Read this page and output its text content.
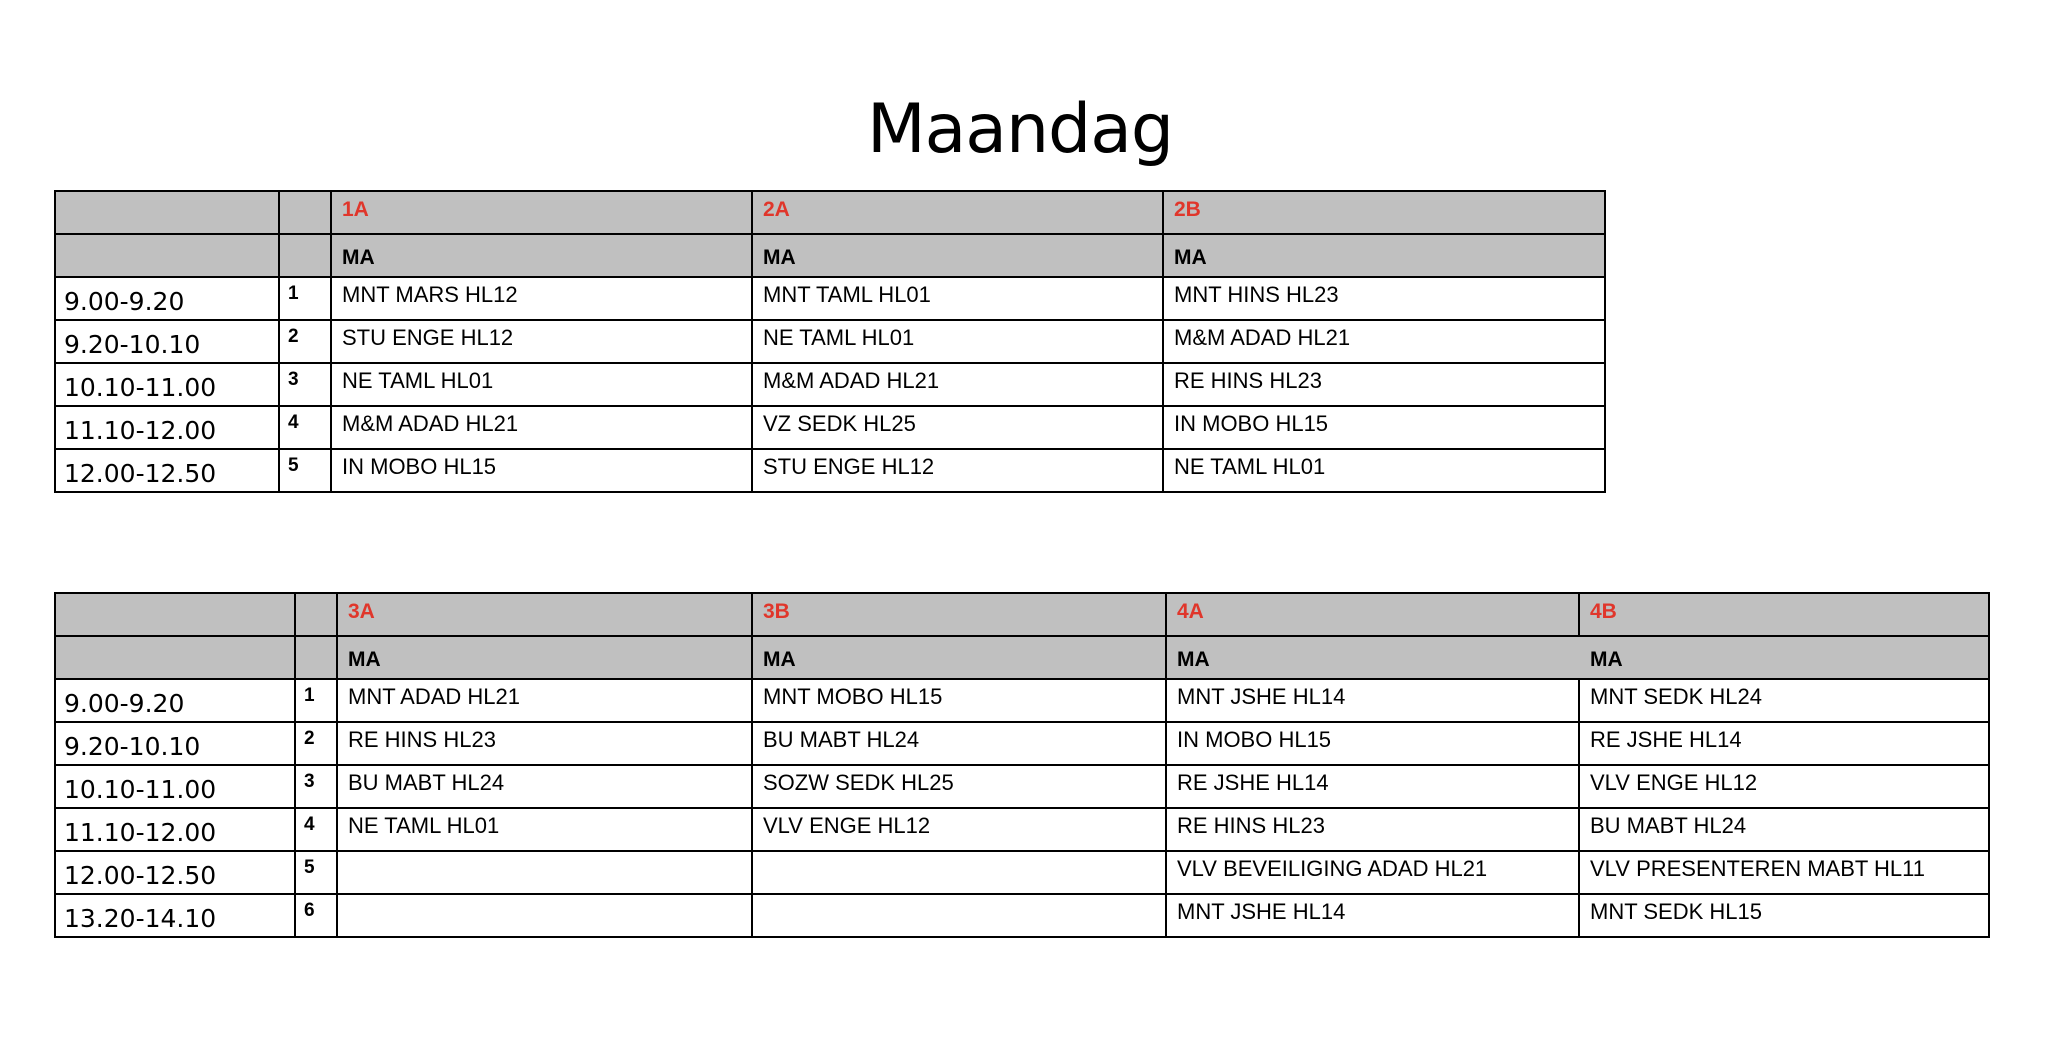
Maandag

		1A	2A	2B

		MA	MA	MA

9.00-9.20	1	MNT MARS HL12	MNT TAML HL01	MNT HINS HL23

9.20-10.10	2	STU ENGE HL12	NE TAML HL01	M&M ADAD HL21

10.10-11.00	3	NE TAML HL01	M&M ADAD HL21	RE HINS HL23

11.10-12.00	4	M&M ADAD HL21	VZ SEDK HL25	IN MOBO HL15

12.00-12.50	5	IN MOBO HL15	STU ENGE HL12	NE TAML HL01

		3A	3B	4A	4B

		MA	MA	MA	MA

9.00-9.20	1	MNT ADAD HL21	MNT MOBO HL15	MNT JSHE HL14	MNT SEDK HL24

9.20-10.10	2	RE HINS HL23	BU MABT HL24	IN MOBO HL15	RE JSHE HL14

10.10-11.00	3	BU MABT HL24	SOZW SEDK HL25	RE JSHE HL14	VLV ENGE HL12

11.10-12.00	4	NE TAML HL01	VLV ENGE HL12	RE HINS HL23	BU MABT HL24

12.00-12.50	5			VLV BEVEILIGING ADAD HL21	VLV PRESENTEREN MABT HL11

13.20-14.10	6			MNT JSHE HL14	MNT SEDK HL15
